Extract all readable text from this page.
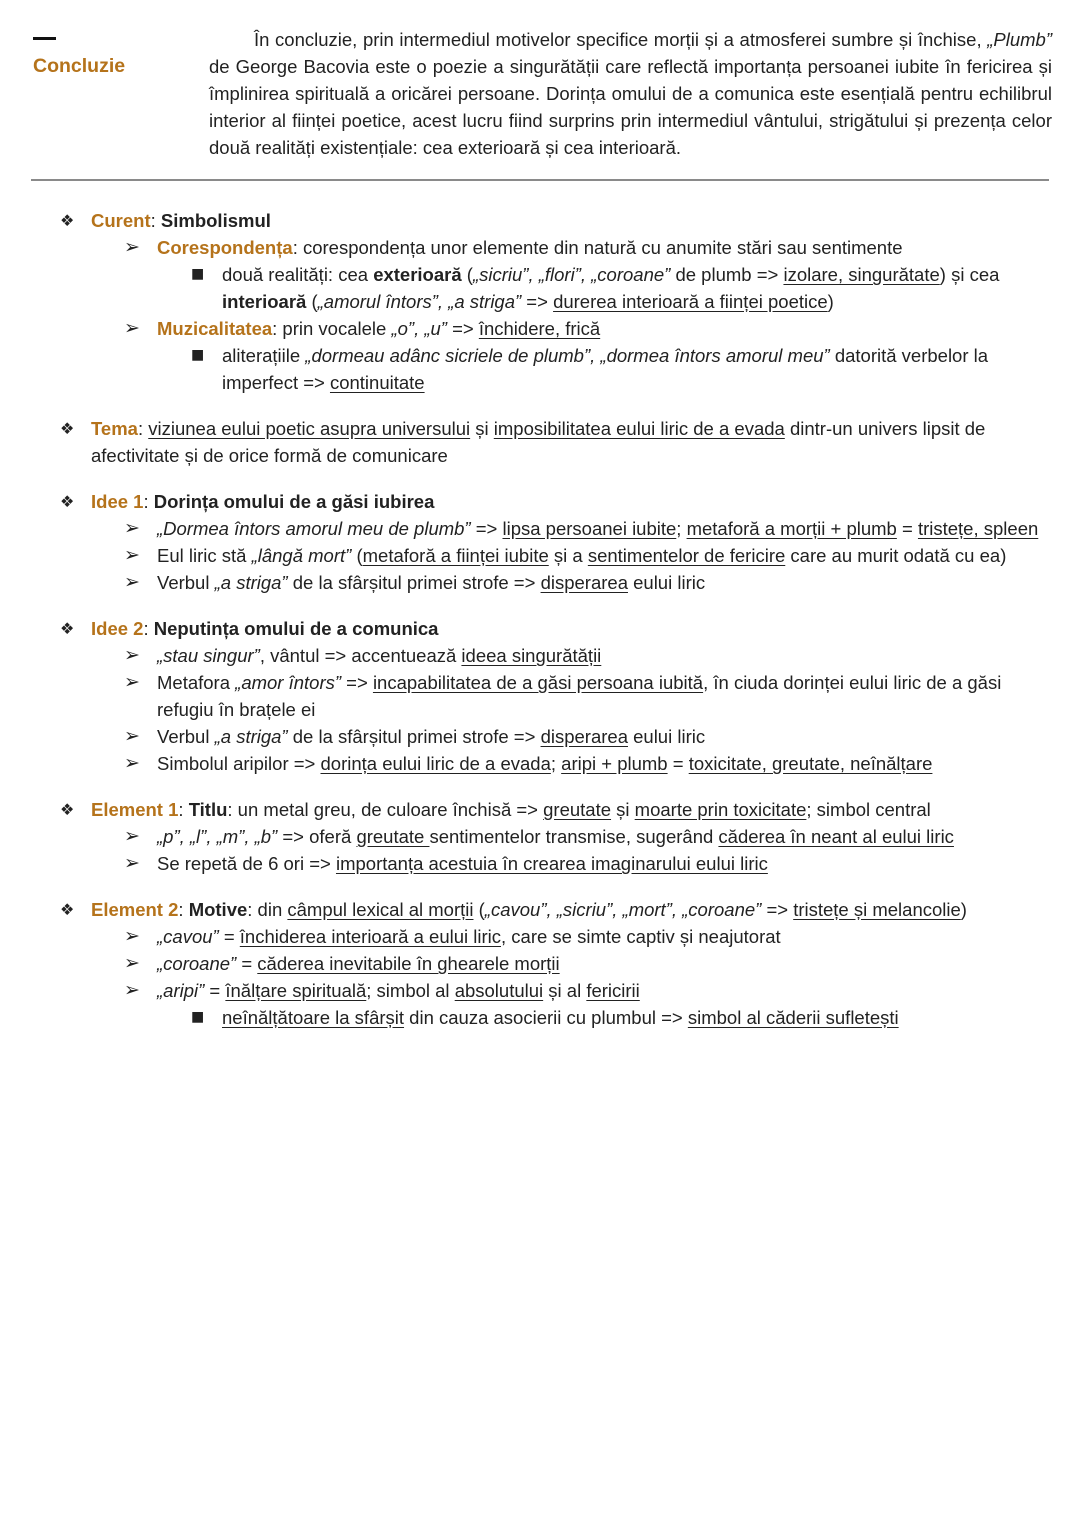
Concluzie
În concluzie, prin intermediul motivelor specifice morții și a atmosferei sumbre și închise, „Plumb” de George Bacovia este o poezie a singurătății care reflectă importanța persoanei iubite în fericirea și împlinirea spirituală a oricărei persoane. Dorința omului de a comunica este esențială pentru echilibrul interior al ființei poetice, acest lucru fiind surprins prin intermediul vântului, strigătului și prezența celor două realități existențiale: cea exterioară și cea interioară.
❖ Curent: Simbolismul
➢ Corespondența: corespondența unor elemente din natură cu anumite stări sau sentimente
■ două realități: cea exterioară („sicriu”, „flori”, „coroane” de plumb => izolare, singurătate) și cea interioară („amorul întors”, „a striga” => durerea interioară a ființei poetice)
➢ Muzicalitatea: prin vocalele „o”, „u” => închidere, frică
■ aliterațiile „dormeau adânc sicriele de plumb”, „dormea întors amorul meu” datorită verbelor la imperfect => continuitate
❖ Tema: viziunea eului poetic asupra universului și imposibilitatea eului liric de a evada dintr-un univers lipsit de afectivitate și de orice formă de comunicare
❖ Idee 1: Dorința omului de a găsi iubirea
➢ „Dormea întors amorul meu de plumb” => lipsa persoanei iubite; metaforă a morții + plumb = tristețe, spleen
➢ Eul liric stă „lângă mort” (metaforă a ființei iubite și a sentimentelor de fericire care au murit odată cu ea)
➢ Verbul „a striga” de la sfârșitul primei strofe => disperarea eului liric
❖ Idee 2: Neputința omului de a comunica
➢ „stau singur”, vântul => accentuează ideea singurătății
➢ Metafora „amor întors” => incapabilitatea de a găsi persoana iubită, în ciuda dorinței eului liric de a găsi refugiu în brațele ei
➢ Verbul „a striga” de la sfârșitul primei strofe => disperarea eului liric
➢ Simbolul aripilor => dorința eului liric de a evada; aripi + plumb = toxicitate, greutate, neînălțare
❖ Element 1: Titlu: un metal greu, de culoare închisă => greutate și moarte prin toxicitate; simbol central
➢ „p”, „l”, „m”, „b” => oferă greutate sentimentelor transmise, sugerând căderea în neant al eului liric
➢ Se repetă de 6 ori => importanța acestuia în crearea imaginarului eului liric
❖ Element 2: Motive: din câmpul lexical al morții („cavou”, „sicriu”, „mort”, „coroane” => tristețe și melancolie)
➢ „cavou” = închiderea interioară a eului liric, care se simte captiv și neajutorat
➢ „coroane” = căderea inevitabile în ghearele morții
➢ „aripi” = înălțare spirituală; simbol al absolutului și al fericirii
■ neînălțătoare la sfârșit din cauza asocierii cu plumbul => simbol al căderii sufletești
